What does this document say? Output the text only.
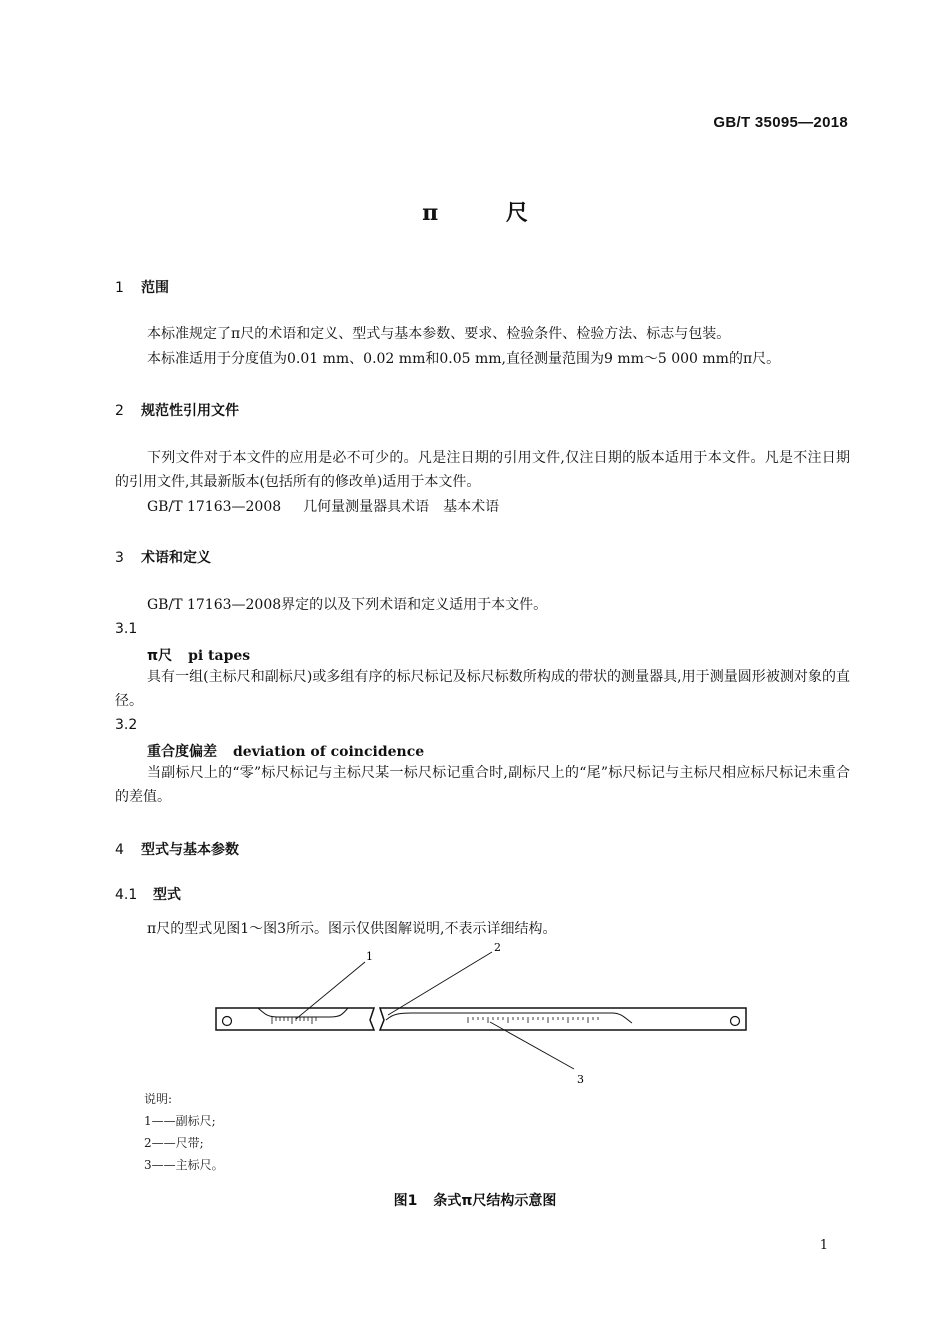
GB/T 35095—2018
π	尺
1 范围
本标准规定了π尺的术语和定义、型式与基本参数、要求、检验条件、检验方法、标志与包装。
本标准适用于分度值为0.01 mm、0.02 mm和0.05 mm,直径测量范围为9 mm～5 000 mm的π尺。
2 规范性引用文件
下列文件对于本文件的应用是必不可少的。凡是注日期的引用文件,仅注日期的版本适用于本文件。凡是不注日期的引用文件,其最新版本(包括所有的修改单)适用于本文件。
GB/T 17163—2008 几何量测量器具术语　基本术语
3 术语和定义
GB/T 17163—2008界定的以及下列术语和定义适用于本文件。
3.1
π尺 pi tapes
具有一组(主标尺和副标尺)或多组有序的标尺标记及标尺标数所构成的带状的测量器具,用于测量圆形被测对象的直径。
3.2
重合度偏差 deviation of coincidence
当副标尺上的“零”标尺标记与主标尺某一标尺标记重合时,副标尺上的“尾”标尺标记与主标尺相应标尺标记未重合的差值。
4 型式与基本参数
4.1 型式
π尺的型式见图1～图3所示。图示仅供图解说明,不表示详细结构。
1
2
3
说明:
1——副标尺;
2——尺带;
3——主标尺。
图1 条式π尺结构示意图
1
